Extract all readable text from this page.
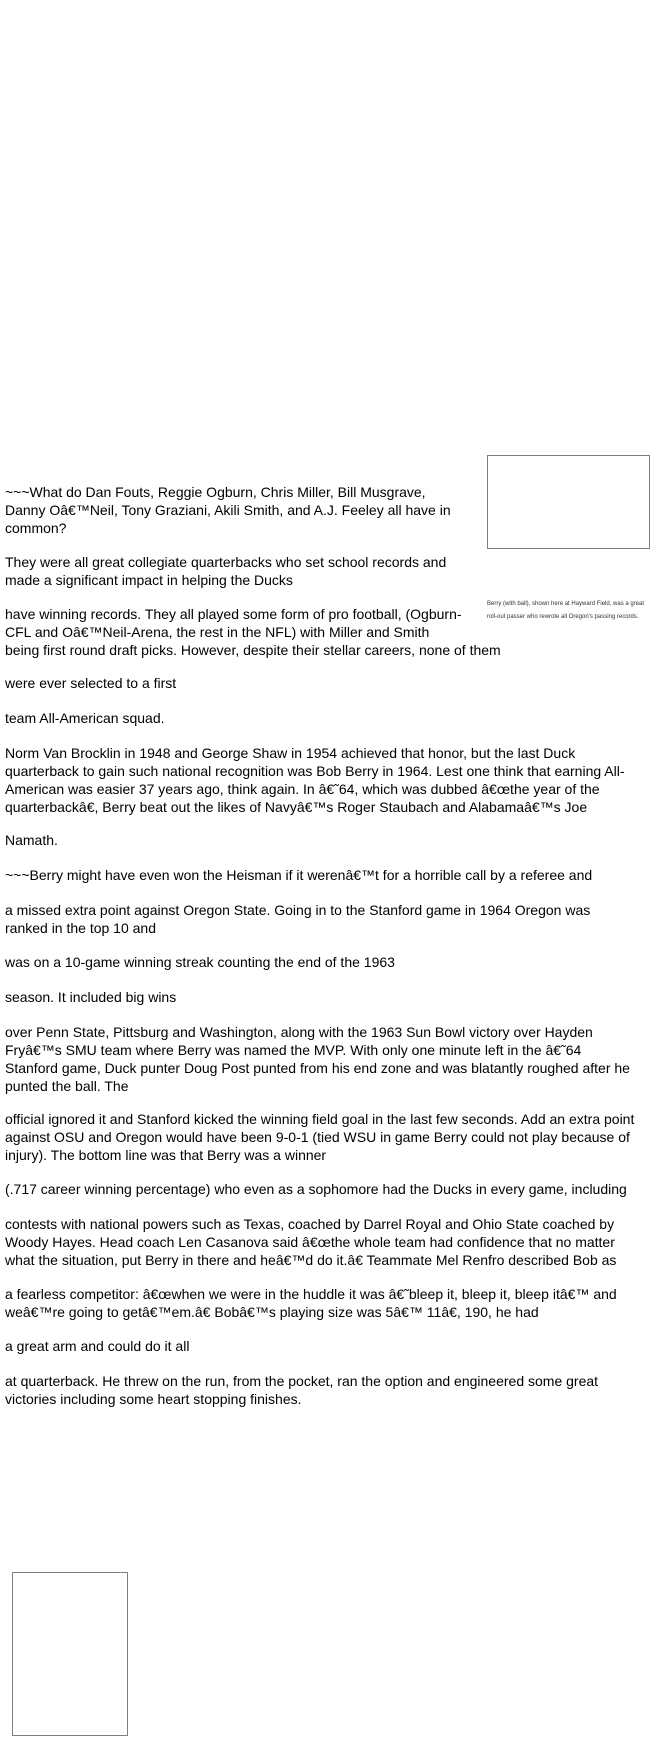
Berry (with ball), shown here at Hayward Field, was a great roll-out passer who rewrote all Oregon's passing records.

~~~What do Dan Fouts, Reggie Ogburn, Chris Miller, Bill Musgrave,
Danny Oâ€™Neil, Tony Graziani, Akili Smith, and A.J. Feeley all have in
common?

They were all great collegiate quarterbacks who set school records and
made a significant impact in helping the Ducks

have winning records. They all played some form of pro football, (Ogburn-
CFL and Oâ€™Neil-Arena, the rest in the NFL) with Miller and Smith
being first round draft picks. However, despite their stellar careers, none of them

were ever selected to a first

team All-American squad.

Norm Van Brocklin in 1948 and George Shaw in 1954 achieved that honor, but the last Duck
quarterback to gain such national recognition was Bob Berry in 1964. Lest one think that earning All-
American was easier 37 years ago, think again. In â€˜64, which was dubbed â€œthe year of the
quarterbackâ€, Berry beat out the likes of Navyâ€™s Roger Staubach and Alabamaâ€™s Joe

Namath.

~~~Berry might have even won the Heisman if it werenâ€™t for a horrible call by a referee and

a missed extra point against Oregon State. Going in to the Stanford game in 1964 Oregon was
ranked in the top 10 and

was on a 10-game winning streak counting the end of the 1963

season. It included big wins

over Penn State, Pittsburg and Washington, along with the 1963 Sun Bowl victory over Hayden
Fryâ€™s SMU team where Berry was named the MVP. With only one minute left in the â€˜64
Stanford game, Duck punter Doug Post punted from his end zone and was blatantly roughed after he
punted the ball. The

official ignored it and Stanford kicked the winning field goal in the last few seconds. Add an extra point
against OSU and Oregon would have been 9-0-1 (tied WSU in game Berry could not play because of
injury). The bottom line was that Berry was a winner

(.717 career winning percentage) who even as a sophomore had the Ducks in every game, including

contests with national powers such as Texas, coached by Darrel Royal and Ohio State coached by
Woody Hayes. Head coach Len Casanova said â€œthe whole team had confidence that no matter
what the situation, put Berry in there and heâ€™d do it.â€ Teammate Mel Renfro described Bob as

a fearless competitor: â€œwhen we were in the huddle it was â€˜bleep it, bleep it, bleep itâ€™ and
weâ€™re going to getâ€™em.â€ Bobâ€™s playing size was 5â€™ 11â€, 190, he had

a great arm and could do it all

at quarterback. He threw on the run, from the pocket, ran the option and engineered some great
victories including some heart stopping finishes.
